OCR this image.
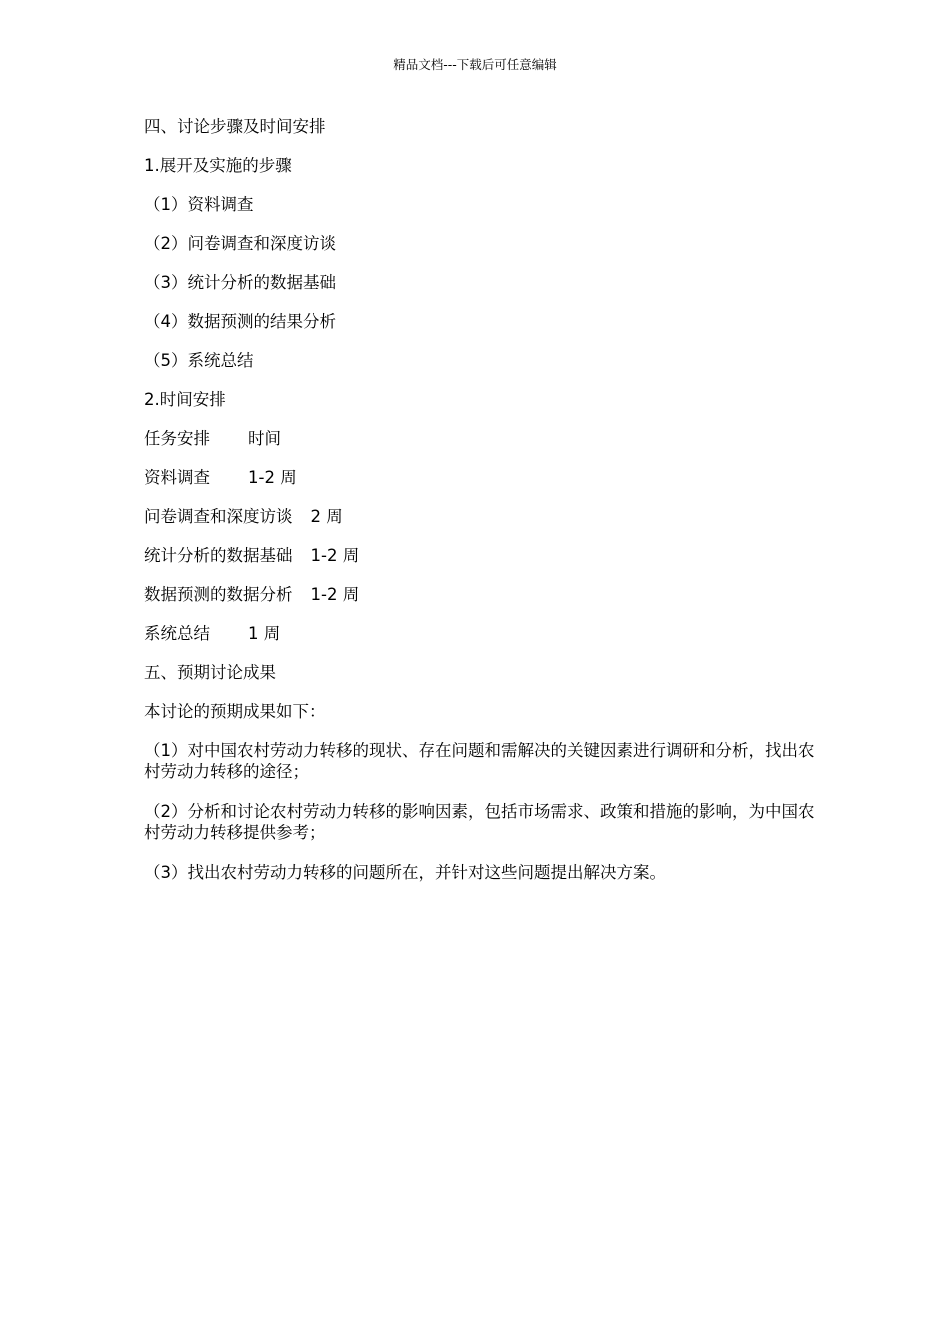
精品文档---下载后可任意编辑
四、讨论步骤及时间安排
1.展开及实施的步骤
（1）资料调查
（2）问卷调查和深度访谈
（3）统计分析的数据基础
（4）数据预测的结果分析
（5）系统总结
2.时间安排
任务安排 时间
资料调查 1-2 周
问卷调查和深度访谈 2 周
统计分析的数据基础 1-2 周
数据预测的数据分析 1-2 周
系统总结 1 周
五、预期讨论成果
本讨论的预期成果如下：
（1）对中国农村劳动力转移的现状、存在问题和需解决的关键因素进行调研和分析，找出农村劳动力转移的途径；
（2）分析和讨论农村劳动力转移的影响因素，包括市场需求、政策和措施的影响，为中国农村劳动力转移提供参考；
（3）找出农村劳动力转移的问题所在，并针对这些问题提出解决方案。
